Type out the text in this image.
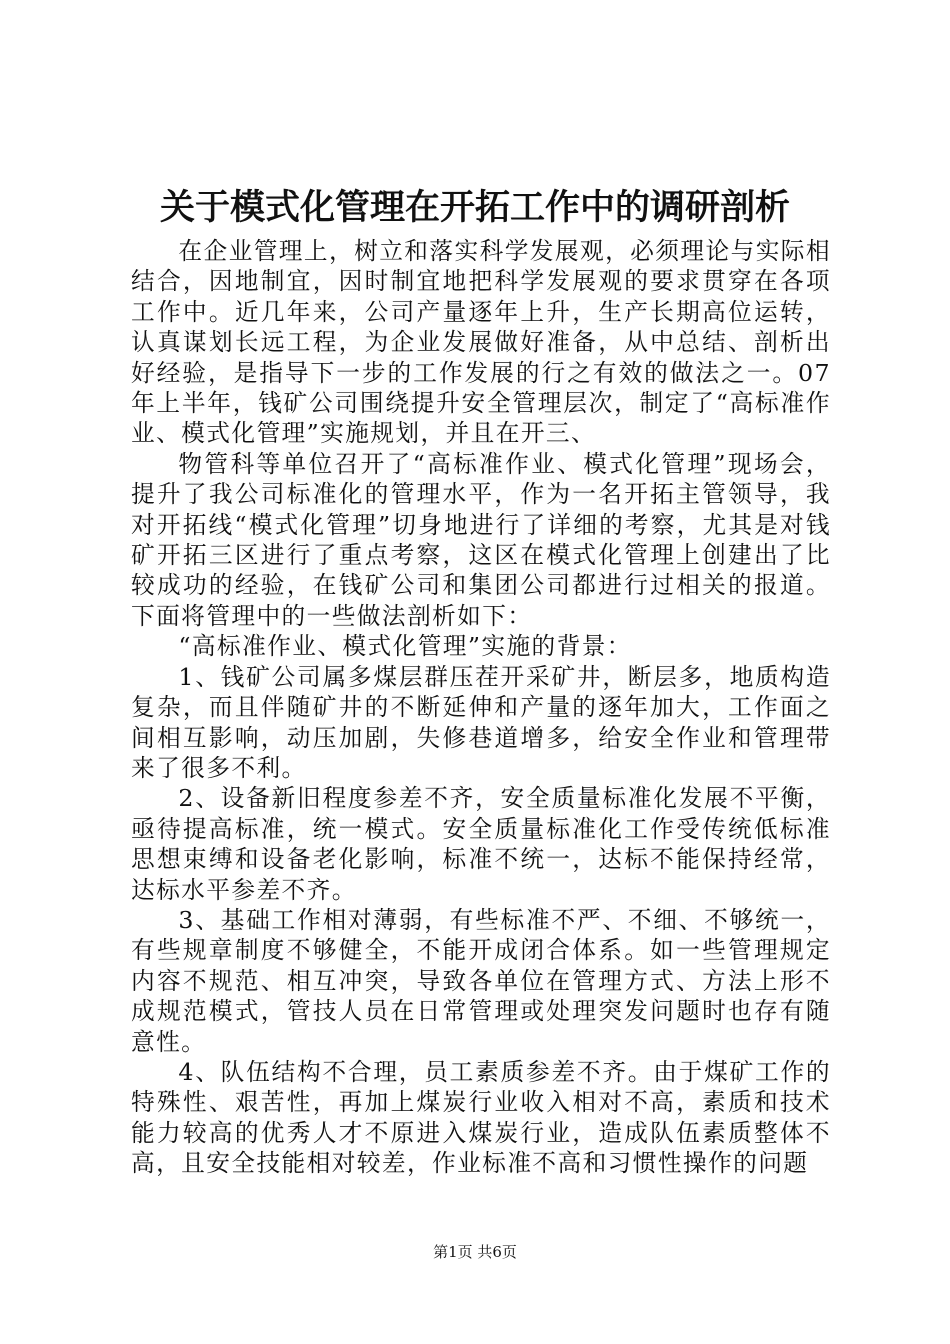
关于模式化管理在开拓工作中的调研剖析

在企业管理上，树立和落实科学发展观，必须理论与实际相结合，因地制宜，因时制宜地把科学发展观的要求贯穿在各项工作中。近几年来，公司产量逐年上升，生产长期高位运转，认真谋划长远工程，为企业发展做好准备，从中总结、剖析出好经验，是指导下一步的工作发展的行之有效的做法之一。07年上半年，钱矿公司围绕提升安全管理层次，制定了“高标准作业、模式化管理”实施规划，并且在开三、

物管科等单位召开了“高标准作业、模式化管理”现场会，提升了我公司标准化的管理水平，作为一名开拓主管领导，我对开拓线“模式化管理”切身地进行了详细的考察，尤其是对钱矿开拓三区进行了重点考察，这区在模式化管理上创建出了比较成功的经验，在钱矿公司和集团公司都进行过相关的报道。下面将管理中的一些做法剖析如下：

“高标准作业、模式化管理”实施的背景：

1、钱矿公司属多煤层群压茬开采矿井，断层多，地质构造复杂，而且伴随矿井的不断延伸和产量的逐年加大，工作面之间相互影响，动压加剧，失修巷道增多，给安全作业和管理带来了很多不利。

2、设备新旧程度参差不齐，安全质量标准化发展不平衡，亟待提高标准，统一模式。安全质量标准化工作受传统低标准思想束缚和设备老化影响，标准不统一，达标不能保持经常，达标水平参差不齐。

3、基础工作相对薄弱，有些标准不严、不细、不够统一，有些规章制度不够健全，不能开成闭合体系。如一些管理规定内容不规范、相互冲突，导致各单位在管理方式、方法上形不成规范模式，管技人员在日常管理或处理突发问题时也存有随意性。

4、队伍结构不合理，员工素质参差不齐。由于煤矿工作的特殊性、艰苦性，再加上煤炭行业收入相对不高，素质和技术能力较高的优秀人才不原进入煤炭行业，造成队伍素质整体不高，且安全技能相对较差，作业标准不高和习惯性操作的问题

第1页 共6页
